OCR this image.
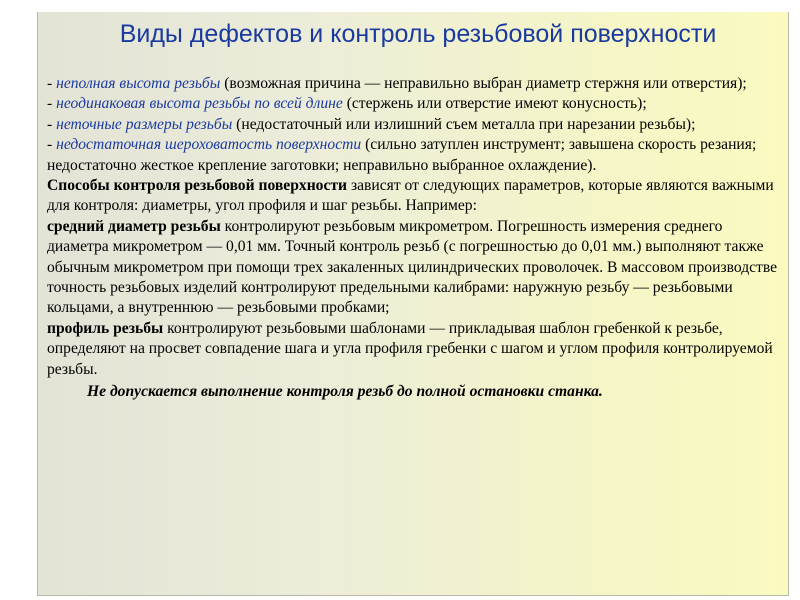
Виды дефектов и контроль резьбовой поверхности

- неполная высота резьбы (возможная причина — неправильно выбран диаметр стержня или отверстия);

- неодинаковая высота резьбы по всей длине (стержень или отверстие имеют конусность);

- неточные размеры резьбы (недостаточный или излишний съем металла при нарезании резьбы);

- недостаточная шероховатость поверхности (сильно затуплен инструмент; завышена скорость резания; недостаточно жесткое крепление заготовки; неправильно выбранное охлаждение).

Способы контроля резьбовой поверхности зависят от следующих параметров, которые являются важными для контроля: диаметры, угол профиля и шаг резьбы. Например:

средний диаметр резьбы контролируют резьбовым микрометром. Погрешность измерения среднего диаметра микрометром — 0,01 мм. Точный контроль резьб (с погрешностью до 0,01 мм.) выполняют также обычным микрометром при помощи трех закаленных цилиндрических проволочек. В массовом производстве точность резьбовых изделий контролируют предельными калибрами: наружную резьбу — резьбовыми кольцами, а внутреннюю — резьбовыми пробками;

профиль резьбы контролируют резьбовыми шаблонами — прикладывая шаблон гребенкой к резьбе, определяют на просвет совпадение шага и угла профиля гребенки с шагом и углом профиля контролируемой резьбы.

Не допускается выполнение контроля резьб до полной остановки станка.
